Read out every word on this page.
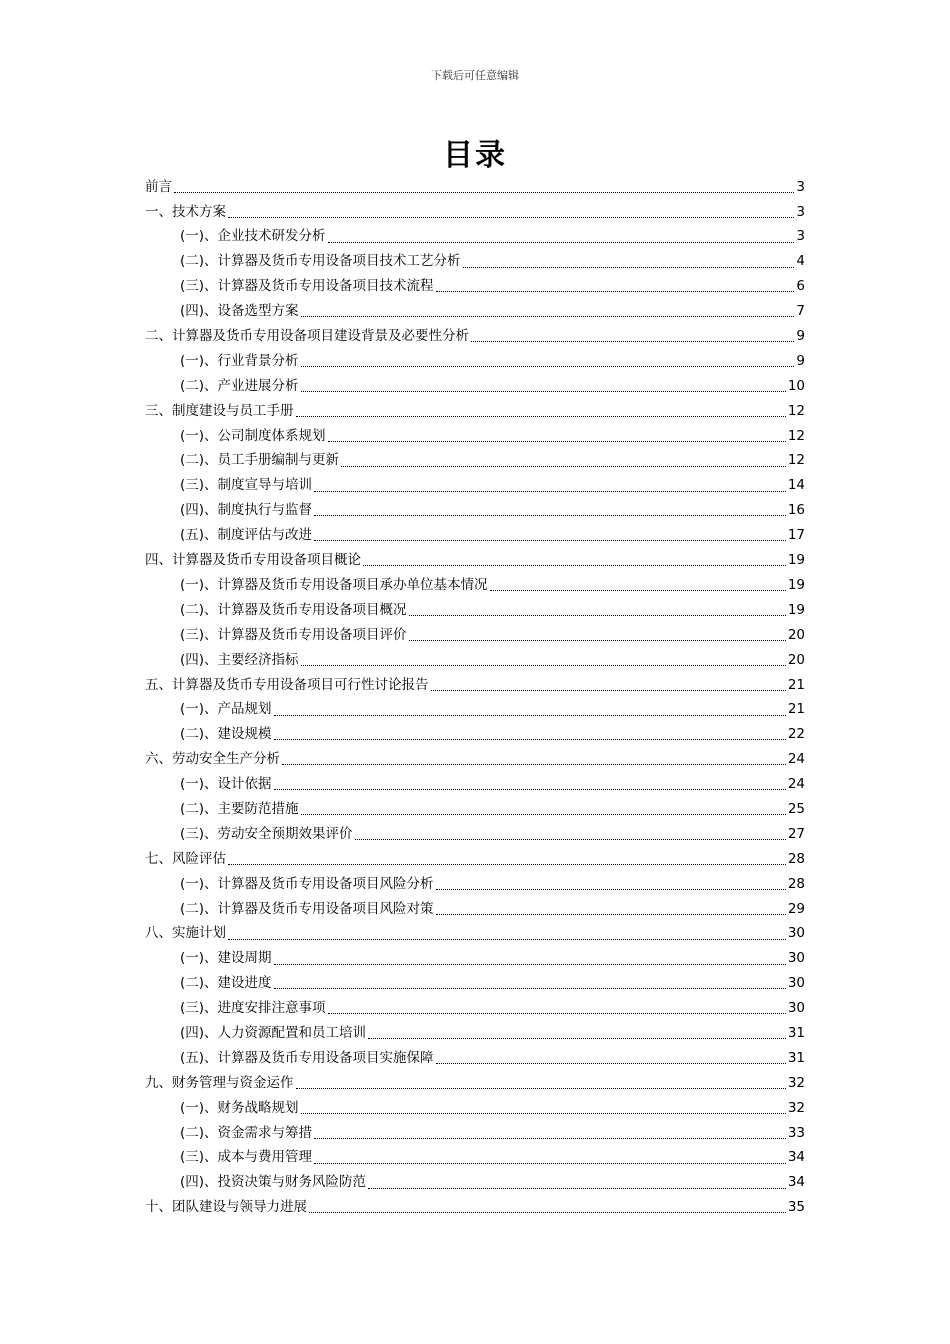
下载后可任意编辑
目录
前言	3
一、技术方案	3
(一)、企业技术研发分析	3
(二)、计算器及货币专用设备项目技术工艺分析	4
(三)、计算器及货币专用设备项目技术流程	6
(四)、设备选型方案	7
二、计算器及货币专用设备项目建设背景及必要性分析	9
(一)、行业背景分析	9
(二)、产业进展分析	10
三、制度建设与员工手册	12
(一)、公司制度体系规划	12
(二)、员工手册编制与更新	12
(三)、制度宣导与培训	14
(四)、制度执行与监督	16
(五)、制度评估与改进	17
四、计算器及货币专用设备项目概论	19
(一)、计算器及货币专用设备项目承办单位基本情况	19
(二)、计算器及货币专用设备项目概况	19
(三)、计算器及货币专用设备项目评价	20
(四)、主要经济指标	20
五、计算器及货币专用设备项目可行性讨论报告	21
(一)、产品规划	21
(二)、建设规模	22
六、劳动安全生产分析	24
(一)、设计依据	24
(二)、主要防范措施	25
(三)、劳动安全预期效果评价	27
七、风险评估	28
(一)、计算器及货币专用设备项目风险分析	28
(二)、计算器及货币专用设备项目风险对策	29
八、实施计划	30
(一)、建设周期	30
(二)、建设进度	30
(三)、进度安排注意事项	30
(四)、人力资源配置和员工培训	31
(五)、计算器及货币专用设备项目实施保障	31
九、财务管理与资金运作	32
(一)、财务战略规划	32
(二)、资金需求与筹措	33
(三)、成本与费用管理	34
(四)、投资决策与财务风险防范	34
十、团队建设与领导力进展	35
